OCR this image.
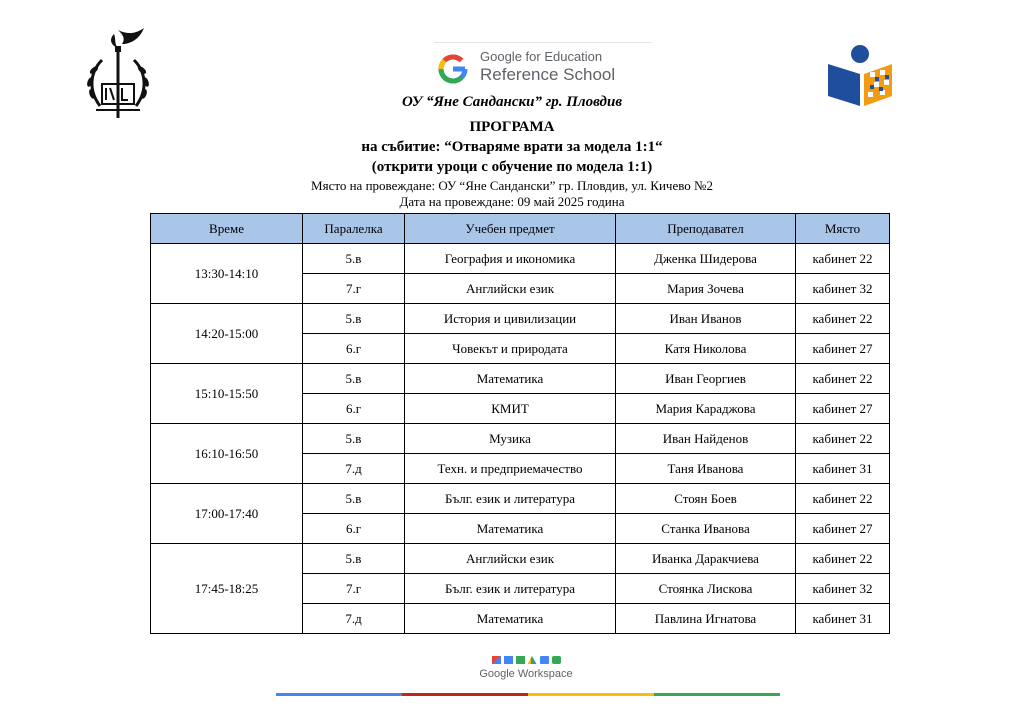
Google for Education
Reference School
ОУ “Яне Сандански” гр. Пловдив
ПРОГРАМА
на събитие: “Отваряме врати за модела 1:1“
(открити уроци с обучение по модела 1:1)
Място на провеждане: ОУ “Яне Сандански” гр. Пловдив, ул. Кичево №2
Дата на провеждане: 09 май 2025 година
Време	Паралелка	Учебен предмет	Преподавател	Място
13:30-14:10	5.в	География и икономика	Дженка Шидерова	кабинет 22
	7.г	Английски език	Мария Зочева	кабинет 32
14:20-15:00	5.в	История и цивилизации	Иван Иванов	кабинет 22
	6.г	Човекът и природата	Катя Николова	кабинет 27
15:10-15:50	5.в	Математика	Иван Георгиев	кабинет 22
	6.г	КМИТ	Мария Караджова	кабинет 27
16:10-16:50	5.в	Музика	Иван Найденов	кабинет 22
	7.д	Техн. и предприемачество	Таня Иванова	кабинет 31
17:00-17:40	5.в	Бълг. език и литература	Стоян Боев	кабинет 22
	6.г	Математика	Станка Иванова	кабинет 27
17:45-18:25	5.в	Английски език	Иванка Даракчиева	кабинет 22
	7.г	Бълг. език и литература	Стоянка Лискова	кабинет 32
	7.д	Математика	Павлина Игнатова	кабинет 31
Google Workspace
